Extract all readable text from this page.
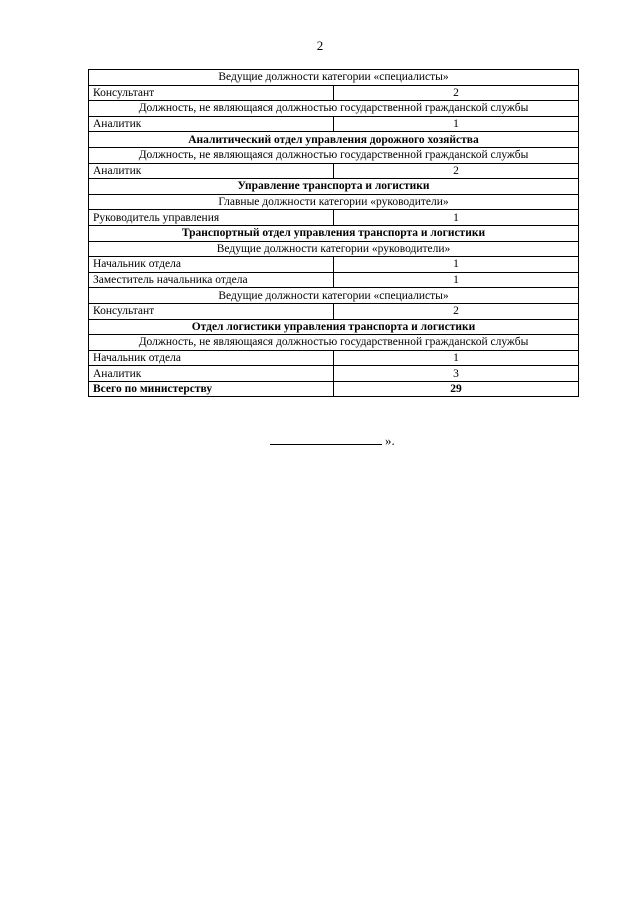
2
Ведущие должности категории «специалисты»	
Консультант	2
Должность, не являющаяся должностью государственной гражданской службы	
Аналитик	1
Аналитический отдел управления дорожного хозяйства	
Должность, не являющаяся должностью государственной гражданской службы	
Аналитик	2
Управление транспорта и логистики	
Главные должности категории «руководители»	
Руководитель управления	1
Транспортный отдел управления транспорта и логистики	
Ведущие должности категории «руководители»	
Начальник отдела	1
Заместитель начальника отдела	1
Ведущие должности категории «специалисты»	
Консультант	2
Отдел логистики управления транспорта и логистики	
Должность, не являющаяся должностью государственной гражданской службы	
Начальник отдела	1
Аналитик	3
Всего по министерству	29
».
